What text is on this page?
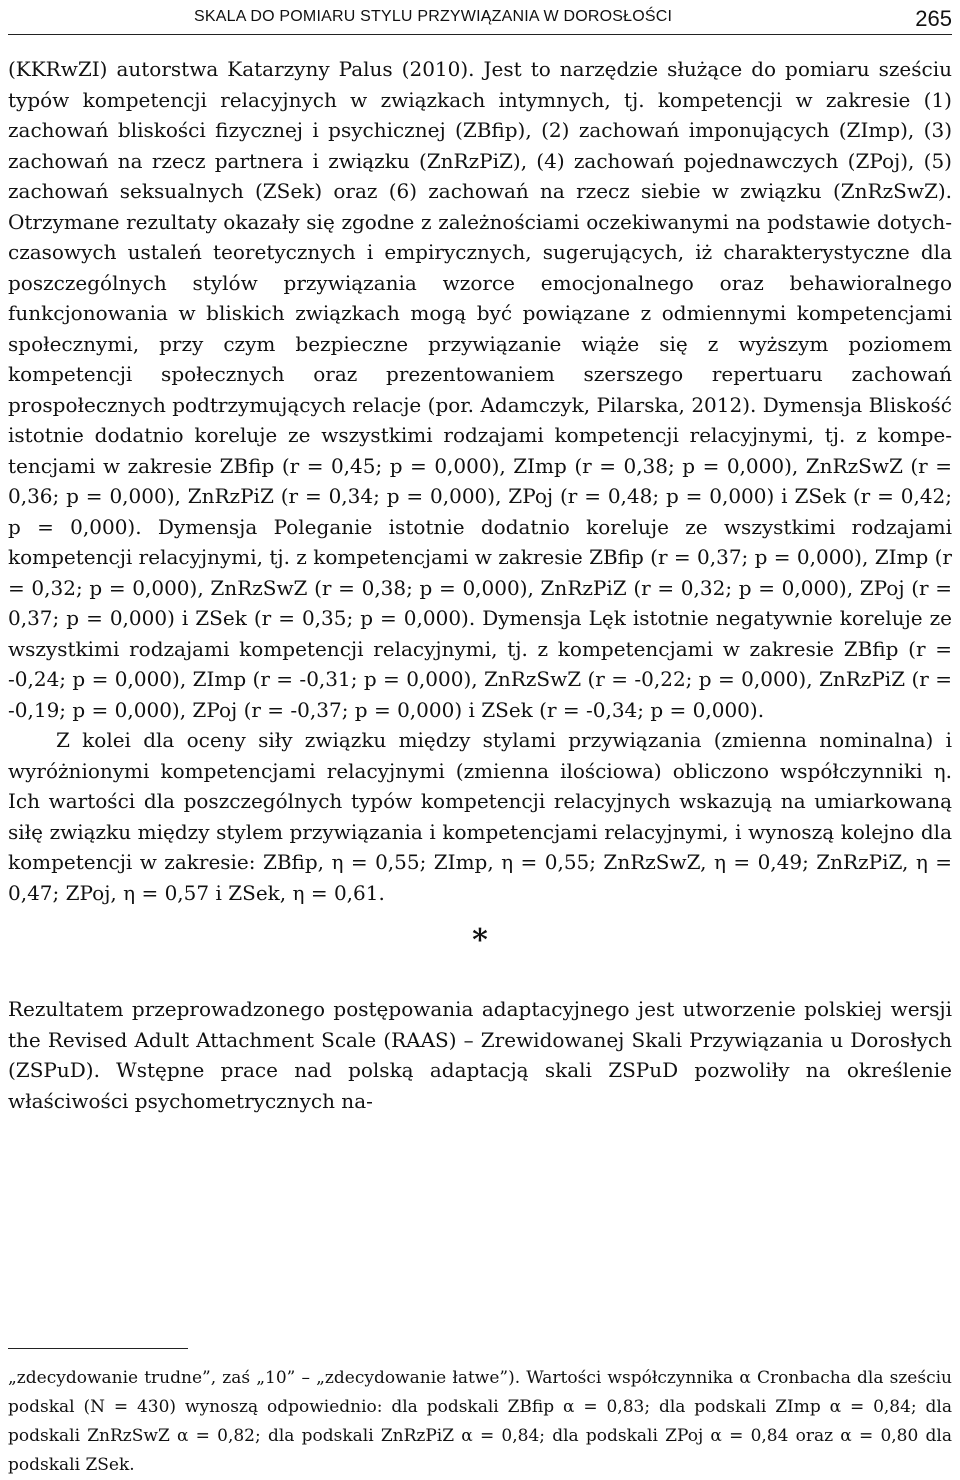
SKALA DO POMIARU STYLU PRZYWIĄZANIA W DOROSŁOŚCI	265

(KKRwZI) autorstwa Katarzyny Palus (2010). Jest to narzędzie służące do pomiaru sześciu typów kompetencji relacyjnych w związkach intymnych, tj. kompetencji w zakresie (1) zachowań bliskości fizycznej i psychicznej (ZBfip), (2) zachowań imponujących (ZImp), (3) zachowań na rzecz partnera i związku (ZnRzPiZ), (4) zachowań pojednawczych (ZPoj), (5) zachowań seksualnych (ZSek) oraz (6) zachowań na rzecz siebie w związku (ZnRzSwZ). Otrzymane rezultaty okazały się zgodne z zależnościami oczekiwanymi na podstawie dotychczasowych ustaleń teoretycznych i empirycznych, sugerujących, iż charakterystyczne dla poszczególnych stylów przywiązania wzorce emocjonalnego oraz behawioralnego funkcjonowania w bliskich związkach mogą być powiązane z odmiennymi kompetencjami społecznymi, przy czym bezpieczne przywiązanie wiąże się z wyższym poziomem kompetencji społecznych oraz prezentowaniem szerszego repertuaru zachowań prospołecznych podtrzymujących relacje (por. Adamczyk, Pilarska, 2012). Dymensja Bliskość istotnie dodatnio koreluje ze wszystkimi rodzajami kompetencji relacyjnymi, tj. z kompetencjami w zakresie ZBfip (r = 0,45; p = 0,000), ZImp (r = 0,38; p = 0,000), ZnRzSwZ (r = 0,36; p = 0,000), ZnRzPiZ (r = 0,34; p = 0,000), ZPoj (r = 0,48; p = 0,000) i ZSek (r = 0,42; p = 0,000). Dymensja Poleganie istotnie dodatnio koreluje ze wszystkimi rodzajami kompetencji relacyjnymi, tj. z kompetencjami w zakresie ZBfip (r = 0,37; p = 0,000), ZImp (r = 0,32; p = 0,000), ZnRzSwZ (r = 0,38; p = 0,000), ZnRzPiZ (r = 0,32; p = 0,000), ZPoj (r = 0,37; p = 0,000) i ZSek (r = 0,35; p = 0,000). Dymensja Lęk istotnie negatywnie koreluje ze wszystkimi rodzajami kompetencji relacyjnymi, tj. z kompetencjami w zakresie ZBfip (r = -0,24; p = 0,000), ZImp (r = -0,31; p = 0,000), ZnRzSwZ (r = -0,22; p = 0,000), ZnRzPiZ (r = -0,19; p = 0,000), ZPoj (r = -0,37; p = 0,000) i ZSek (r = -0,34; p = 0,000).

Z kolei dla oceny siły związku między stylami przywiązania (zmienna nominalna) i wyróżnionymi kompetencjami relacyjnymi (zmienna ilościowa) obliczono współczynniki η. Ich wartości dla poszczególnych typów kompetencji relacyjnych wskazują na umiarkowaną siłę związku między stylem przywiązania i kompetencjami relacyjnymi, i wynoszą kolejno dla kompetencji w zakresie: ZBfip, η = 0,55; ZImp, η = 0,55; ZnRzSwZ, η = 0,49; ZnRzPiZ, η = 0,47; ZPoj, η = 0,57 i ZSek, η = 0,61.

*

Rezultatem przeprowadzonego postępowania adaptacyjnego jest utworzenie polskiej wersji the Revised Adult Attachment Scale (RAAS) – Zrewidowanej Skali Przywiązania u Dorosłych (ZSPuD). Wstępne prace nad polską adaptacją skali ZSPuD pozwoliły na określenie właściwości psychometrycznych na-

„zdecydowanie trudne”, zaś „10” – „zdecydowanie łatwe”). Wartości współczynnika α Cronbacha dla sześciu podskal (N = 430) wynoszą odpowiednio: dla podskali ZBfip α = 0,83; dla podskali ZImp α = 0,84; dla podskali ZnRzSwZ α = 0,82; dla podskali ZnRzPiZ α = 0,84; dla podskali ZPoj α = 0,84 oraz α = 0,80 dla podskali ZSek.
